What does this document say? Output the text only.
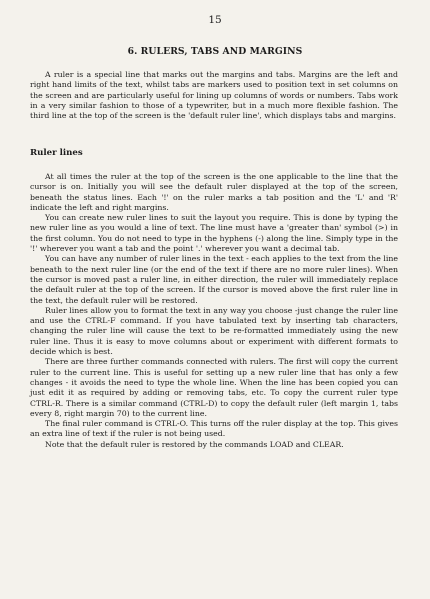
15
6. RULERS, TABS AND MARGINS

A ruler is a special line that marks out the margins and tabs. Margins are the left and right hand limits of the text, whilst tabs are markers used to position text in set columns on the screen and are particularly useful for lining up columns of words or numbers. Tabs work in a very similar fashion to those of a typewriter, but in a much more flexible fashion. The third line at the top of the screen is the 'default ruler line', which displays tabs and margins.

Ruler lines

At all times the ruler at the top of the screen is the one applicable to the line that the cursor is on. Initially you will see the default ruler displayed at the top of the screen, beneath the status lines. Each '!' on the ruler marks a tab position and the 'L' and 'R' indicate the left and right margins.

You can create new ruler lines to suit the layout you require. This is done by typing the new ruler line as you would a line of text. The line must have a 'greater than' symbol (>) in the first column. You do not need to type in the hyphens (-) along the line. Simply type in the '!' wherever you want a tab and the point '.' wherever you want a decimal tab.

You can have any number of ruler lines in the text - each applies to the text from the line beneath to the next ruler line (or the end of the text if there are no more ruler lines). When the cursor is moved past a ruler line, in either direction, the ruler will immediately replace the default ruler at the top of the screen. If the cursor is moved above the first ruler line in the text, the default ruler will be restored.

Ruler lines allow you to format the text in any way you choose -just change the ruler line and use the CTRL-F command. If you have tabulated text by inserting tab characters, changing the ruler line will cause the text to be re-formatted immediately using the new ruler line. Thus it is easy to move columns about or experiment with different formats to decide which is best.

There are three further commands connected with rulers. The first will copy the current ruler to the current line. This is useful for setting up a new ruler line that has only a few changes - it avoids the need to type the whole line. When the line has been copied you can just edit it as required by adding or removing tabs, etc. To copy the current ruler type CTRL-R. There is a similar command (CTRL-D) to copy the default ruler (left margin 1, tabs every 8, right margin 70) to the current line.

The final ruler command is CTRL-O. This turns off the ruler display at the top. This gives an extra line of text if the ruler is not being used.

Note that the default ruler is restored by the commands LOAD and CLEAR.
